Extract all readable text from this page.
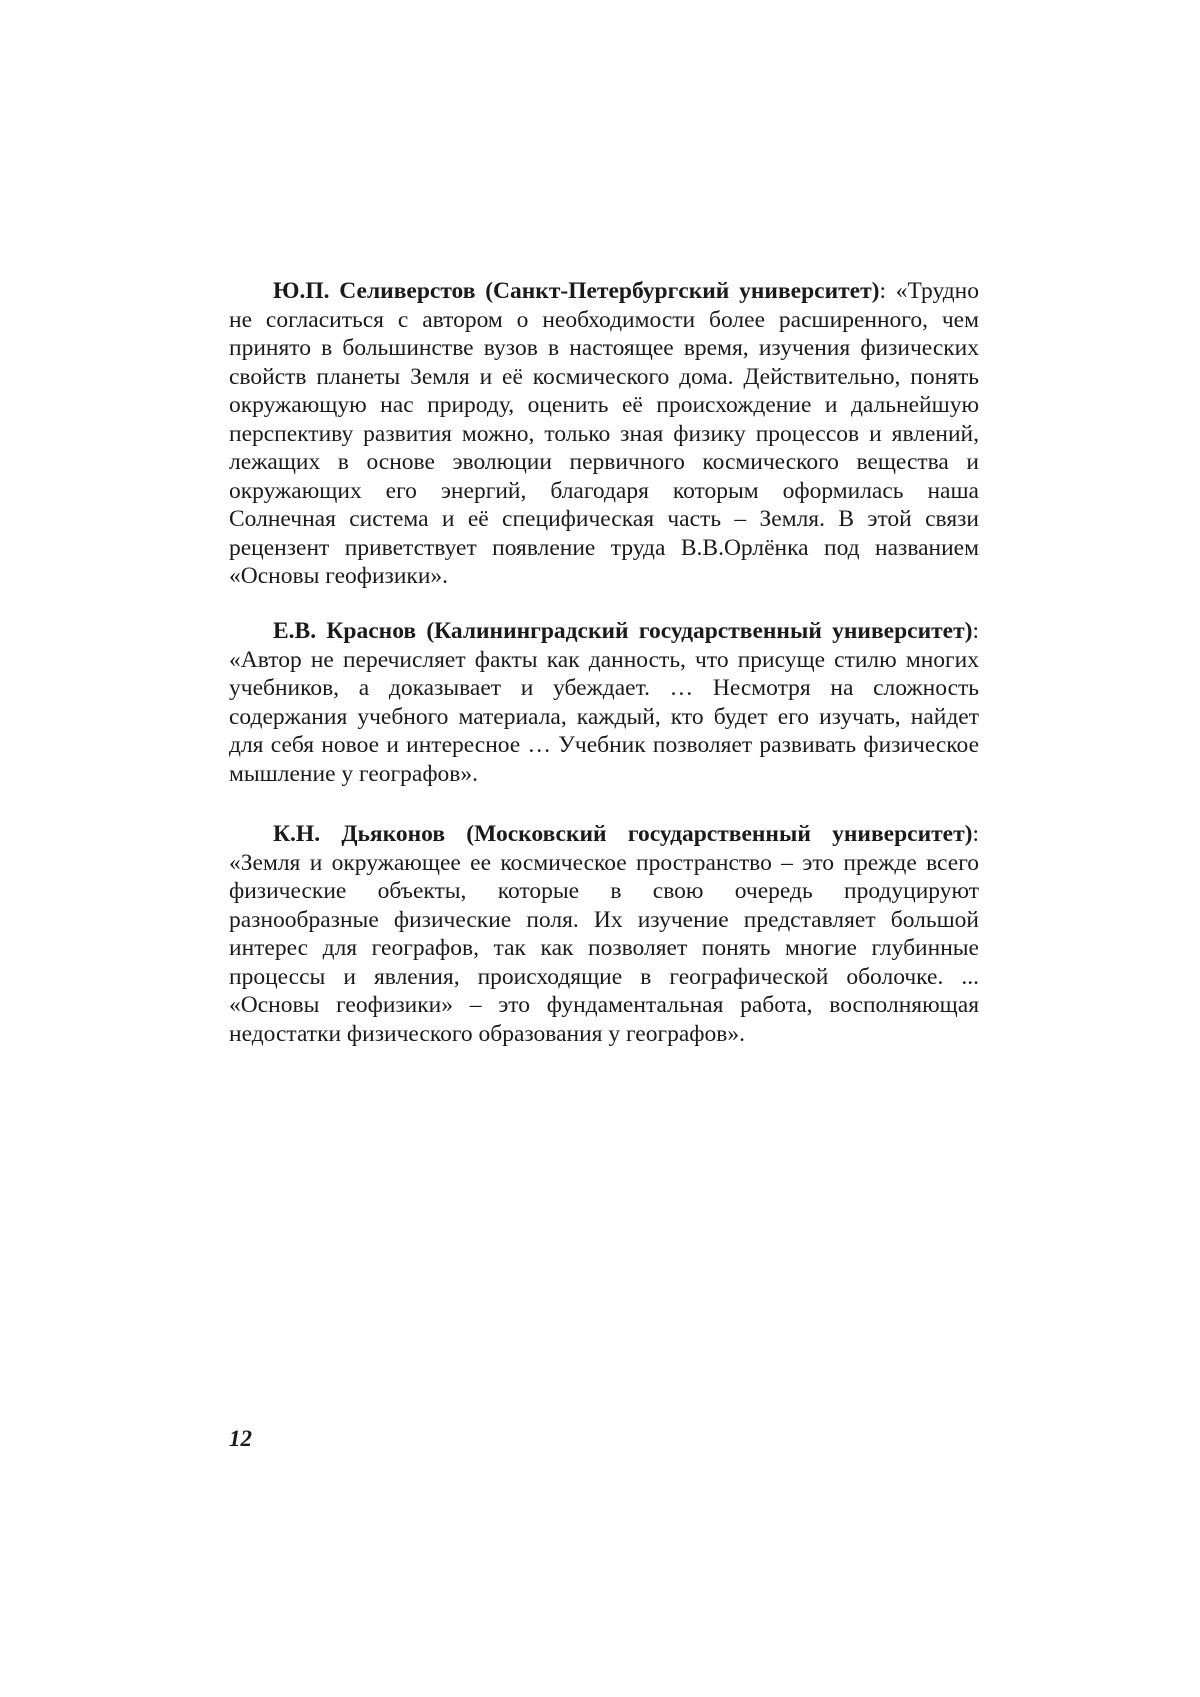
Ю.П. Селиверстов (Санкт-Петербургский университет): «Трудно не согласиться с автором о необходимости более расширенного, чем принято в большинстве вузов в настоящее время, изучения физических свойств планеты Земля и её космического дома. Действительно, понять окружающую нас природу, оценить её происхождение и дальнейшую перспективу развития можно, только зная физику процессов и явлений, лежащих в основе эволюции первичного космического вещества и окружающих его энергий, благодаря которым оформилась наша Солнечная система и её специфическая часть – Земля. В этой связи рецензент приветствует появление труда В.В.Орлёнка под названием «Основы геофизики».

Е.В. Краснов (Калининградский государственный университет): «Автор не перечисляет факты как данность, что присуще стилю многих учебников, а доказывает и убеждает. … Несмотря на сложность содержания учебного материала, каждый, кто будет его изучать, найдет для себя новое и интересное … Учебник позволяет развивать физическое мышление у географов».

К.Н. Дьяконов (Московский государственный университет): «Земля и окружающее ее космическое пространство – это прежде всего физические объекты, которые в свою очередь продуцируют разнообразные физические поля. Их изучение представляет большой интерес для географов, так как позволяет понять многие глубинные процессы и явления, происходящие в географической оболочке. ... «Основы геофизики» – это фундаментальная работа, восполняющая недостатки физического образования у географов».

12
